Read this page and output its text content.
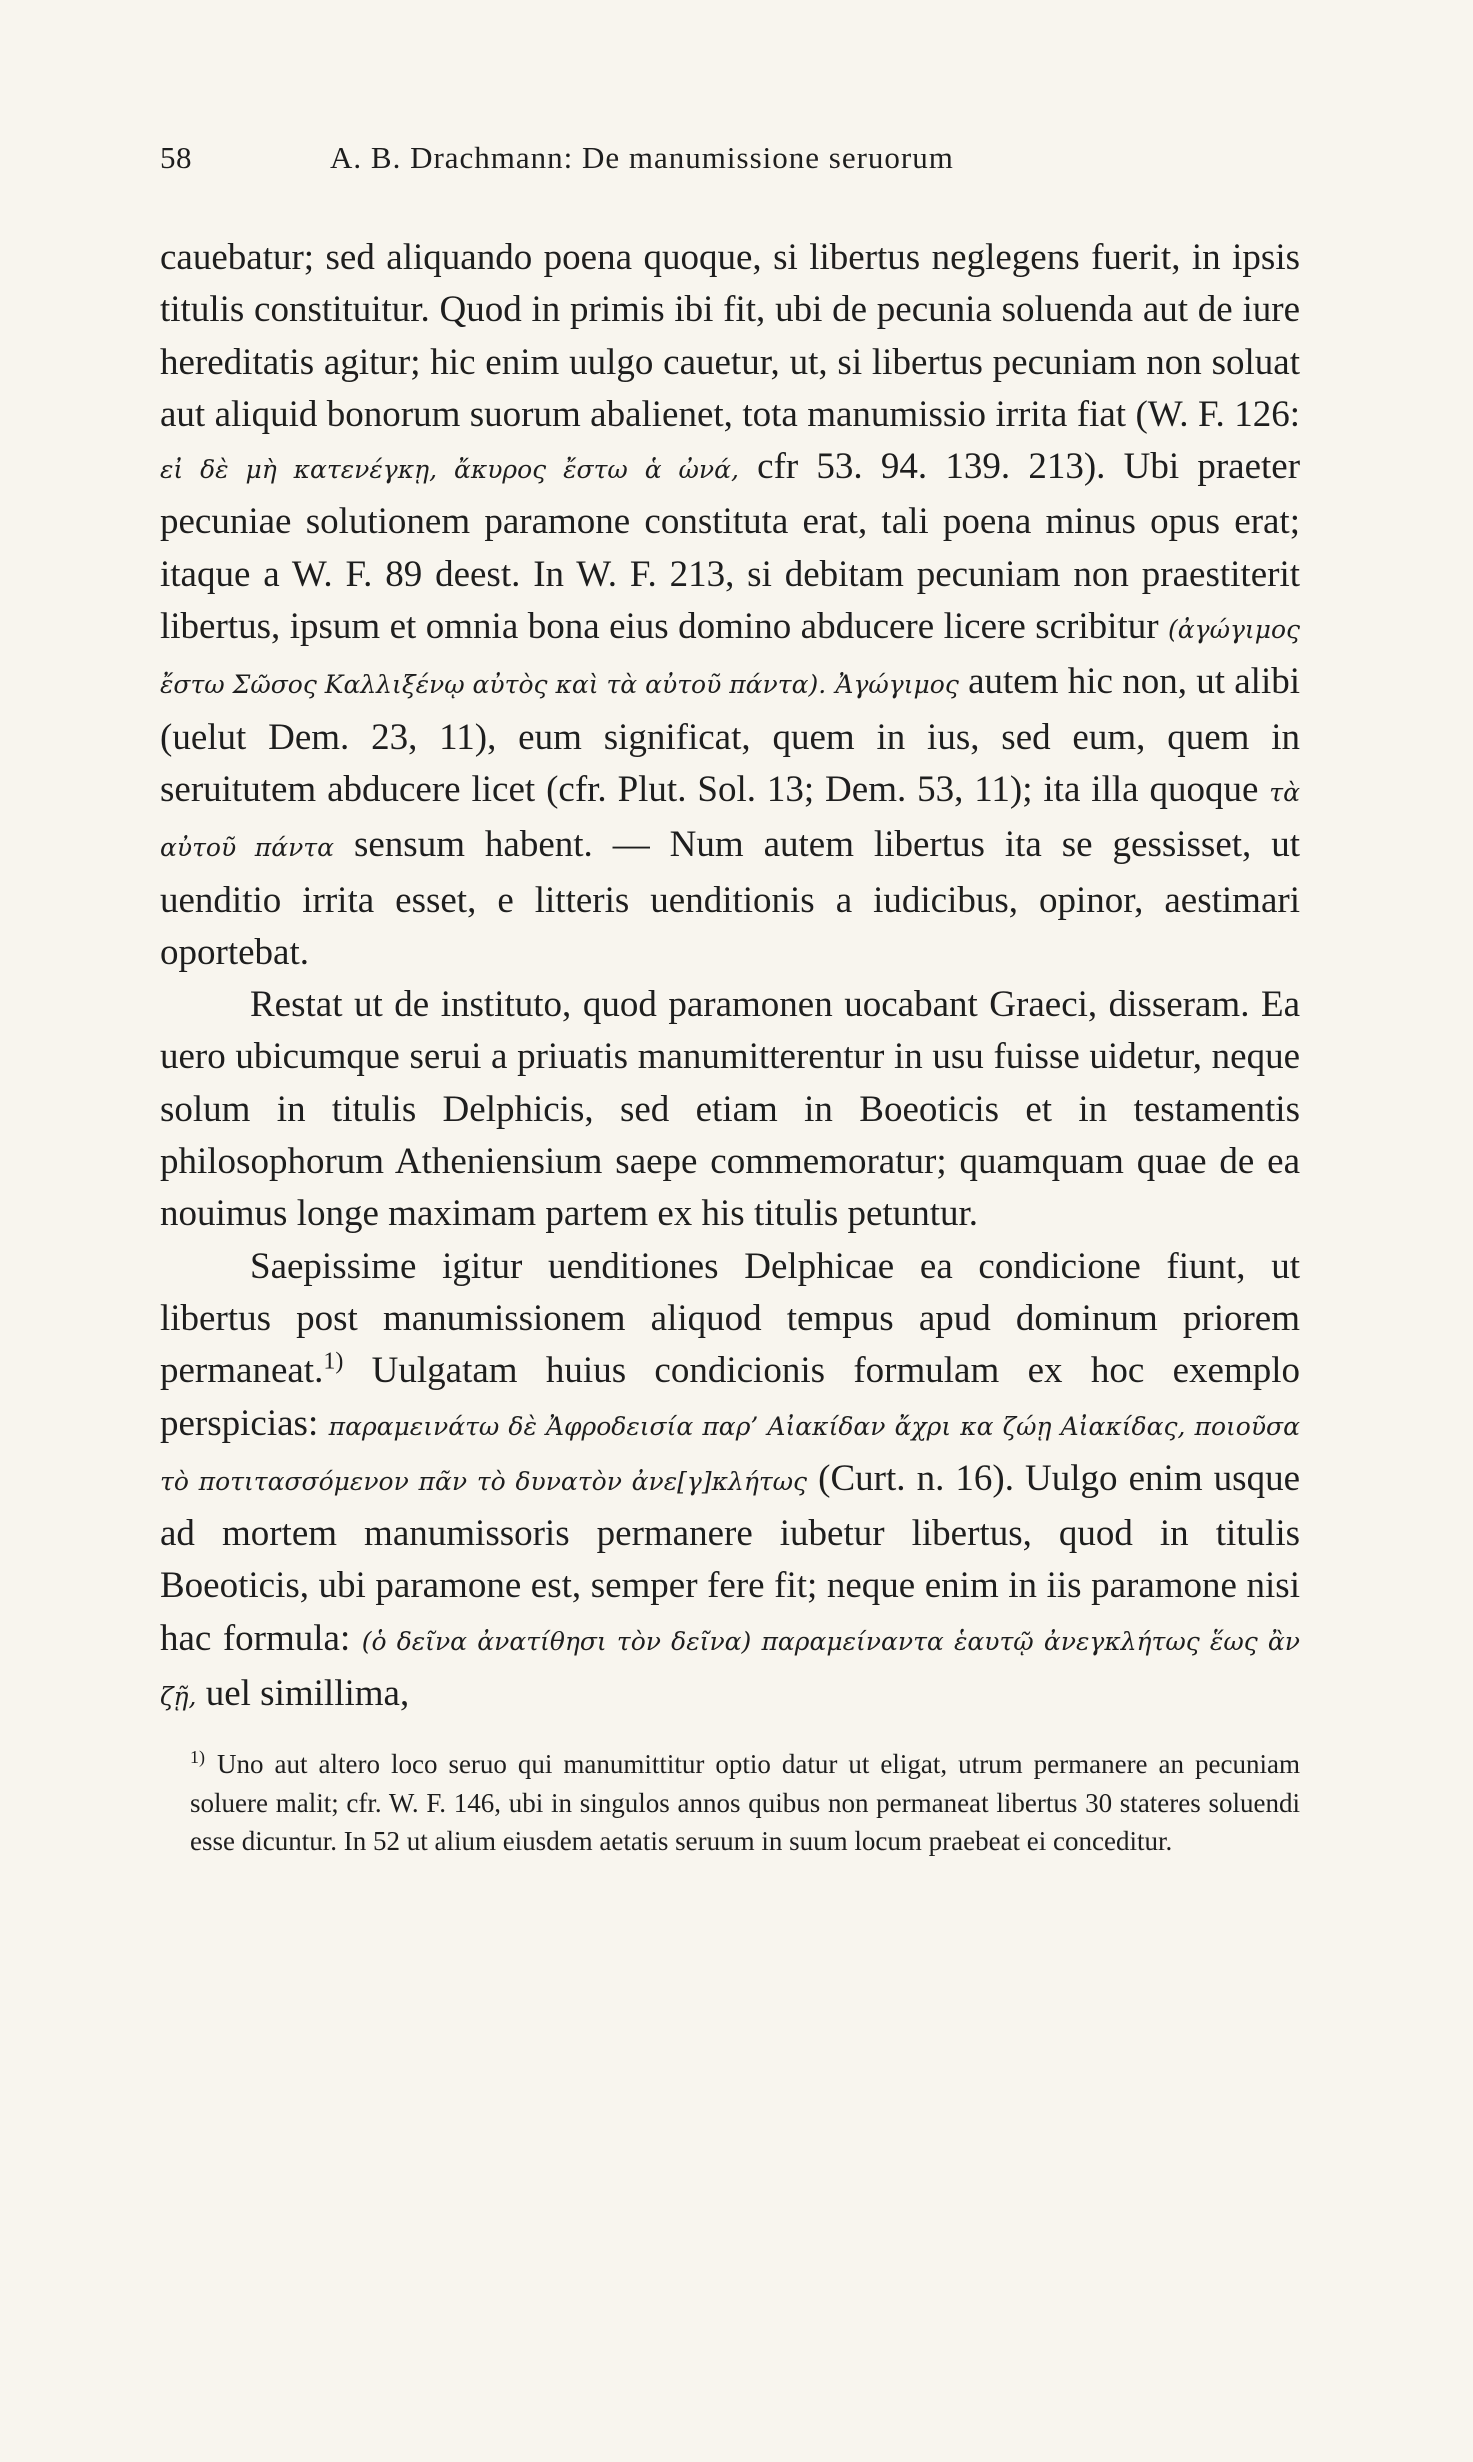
58	A. B. Drachmann: De manumissione seruorum

cauebatur; sed aliquando poena quoque, si libertus neglegens fuerit, in ipsis titulis constituitur. Quod in primis ibi fit, ubi de pecunia soluenda aut de iure hereditatis agitur; hic enim uulgo cauetur, ut, si libertus pecuniam non soluat aut aliquid bonorum suorum abalienet, tota manumissio irrita fiat (W. F. 126: εἰ δὲ μὴ κατενέγκῃ, ἄκυρος ἔστω ἁ ὠνά, cfr 53. 94. 139. 213). Ubi praeter pecuniae solutionem paramone constituta erat, tali poena minus opus erat; itaque a W. F. 89 deest. In W. F. 213, si debitam pecuniam non praestiterit libertus, ipsum et omnia bona eius domino abducere licere scribitur (ἀγώγιμος ἔστω Σῶσος Καλλιξένῳ αὐτὸς καὶ τὰ αὐτοῦ πάντα). Ἀγώγιμος autem hic non, ut alibi (uelut Dem. 23, 11), eum significat, quem in ius, sed eum, quem in seruitutem abducere licet (cfr. Plut. Sol. 13; Dem. 53, 11); ita illa quoque τὰ αὐτοῦ πάντα sensum habent. — Num autem libertus ita se gessisset, ut uenditio irrita esset, e litteris uenditionis a iudicibus, opinor, aestimari oportebat.

Restat ut de instituto, quod paramonen uocabant Graeci, disseram. Ea uero ubicumque serui a priuatis manumitterentur in usu fuisse uidetur, neque solum in titulis Delphicis, sed etiam in Boeoticis et in testamentis philosophorum Atheniensium saepe commemoratur; quamquam quae de ea nouimus longe maximam partem ex his titulis petuntur.

Saepissime igitur uenditiones Delphicae ea condicione fiunt, ut libertus post manumissionem aliquod tempus apud dominum priorem permaneat.$^{1)}$ Uulgatam huius condicionis formulam ex hoc exemplo perspicias: παραμεινάτω δὲ Ἀφροδεισία παρ’ Αἰακίδαν ἄχρι κα ζώῃ Αἰακίδας, ποιοῦσα τὸ ποτιτασσόμενον πᾶν τὸ δυνατὸν ἀνε[γ]κλήτως (Curt. n. 16). Uulgo enim usque ad mortem manumissoris permanere iubetur libertus, quod in titulis Boeoticis, ubi paramone est, semper fere fit; neque enim in iis paramone nisi hac formula: (ὁ δεῖνα ἀνατίθησι τὸν δεῖνα) παραμείναντα ἑαυτῷ ἀνεγκλήτως ἕως ἂν ζῇ, uel simillima,

$^{1)}$ Uno aut altero loco seruo qui manumittitur optio datur ut eligat, utrum permanere an pecuniam soluere malit; cfr. W. F. 146, ubi in singulos annos quibus non permaneat libertus 30 stateres soluendi esse dicuntur. In 52 ut alium eiusdem aetatis seruum in suum locum praebeat ei conceditur.
